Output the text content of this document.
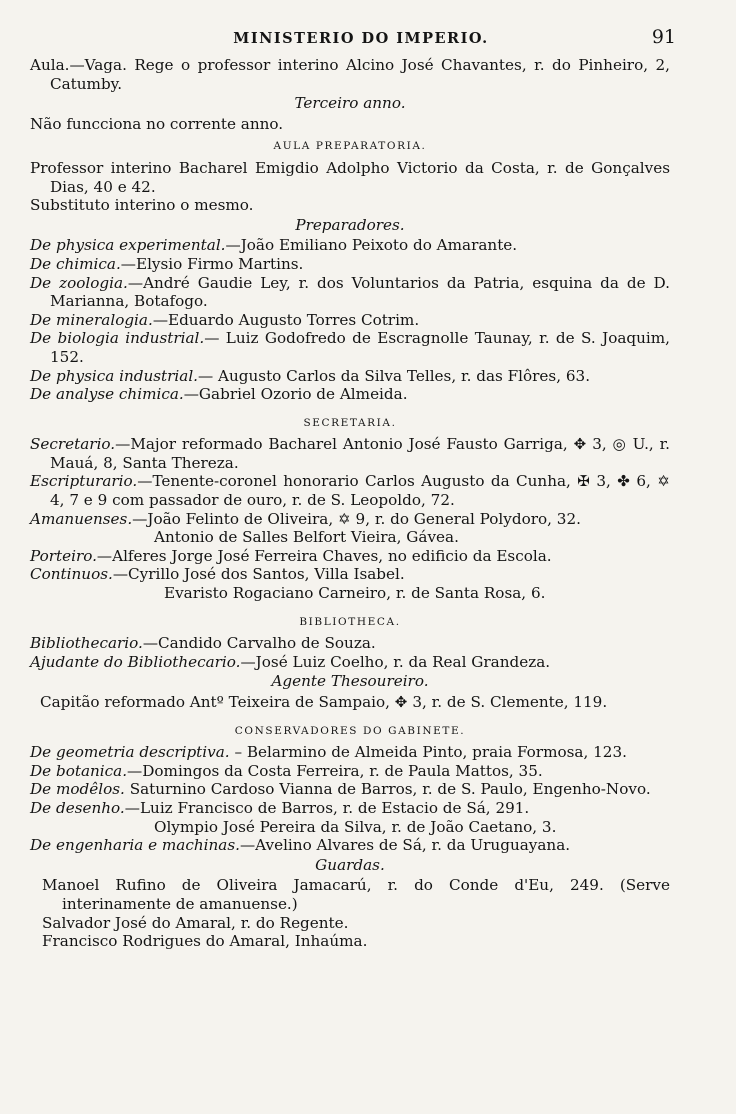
MINISTERIO DO IMPERIO.	91

Aula.—Vaga. Rege o professor interino Alcino José Chavantes, r. do Pinheiro, 2, Catumby.

Terceiro anno.

Não funcciona no corrente anno.

AULA PREPARATORIA.

Professor interino Bacharel Emigdio Adolpho Victorio da Costa, r. de Gonçalves Dias, 40 e 42.

Substituto interino o mesmo.

Preparadores.

De physica experimental.—João Emiliano Peixoto do Amarante.

De chimica.—Elysio Firmo Martins.

De zoologia.—André Gaudie Ley, r. dos Voluntarios da Patria, esquina da de D. Marianna, Botafogo.

De mineralogia.—Eduardo Augusto Torres Cotrim.

De biologia industrial.— Luiz Godofredo de Escragnolle Taunay, r. de S. Joaquim, 152.

De physica industrial.— Augusto Carlos da Silva Telles, r. das Flôres, 63.

De analyse chimica.—Gabriel Ozorio de Almeida.

SECRETARIA.

Secretario.—Major reformado Bacharel Antonio José Fausto Garriga, ✥ 3, ◎ U., r. Mauá, 8, Santa Thereza.

Escripturario.—Tenente-coronel honorario Carlos Augusto da Cunha, ✠ 3, ✤ 6, ✡ 4, 7 e 9 com passador de ouro, r. de S. Leopoldo, 72.

Amanuenses.—João Felinto de Oliveira, ✡ 9, r. do General Polydoro, 32.

Antonio de Salles Belfort Vieira, Gávea.

Porteiro.—Alferes Jorge José Ferreira Chaves, no edificio da Escola.

Continuos.—Cyrillo José dos Santos, Villa Isabel.

Evaristo Rogaciano Carneiro, r. de Santa Rosa, 6.

BIBLIOTHECA.

Bibliothecario.—Candido Carvalho de Souza.

Ajudante do Bibliothecario.—José Luiz Coelho, r. da Real Grandeza.

Agente Thesoureiro.

Capitão reformado Antº Teixeira de Sampaio, ✥ 3, r. de S. Clemente, 119.

CONSERVADORES DO GABINETE.

De geometria descriptiva. – Belarmino de Almeida Pinto, praia Formosa, 123.

De botanica.—Domingos da Costa Ferreira, r. de Paula Mattos, 35.

De modêlos. Saturnino Cardoso Vianna de Barros, r. de S. Paulo, Engenho-Novo.

De desenho.—Luiz Francisco de Barros, r. de Estacio de Sá, 291.

Olympio José Pereira da Silva, r. de João Caetano, 3.

De engenharia e machinas.—Avelino Alvares de Sá, r. da Uruguayana.

Guardas.

Manoel Rufino de Oliveira Jamacarú, r. do Conde d'Eu, 249. (Serve interinamente de amanuense.)

Salvador José do Amaral, r. do Regente.

Francisco Rodrigues do Amaral, Inhaúma.
